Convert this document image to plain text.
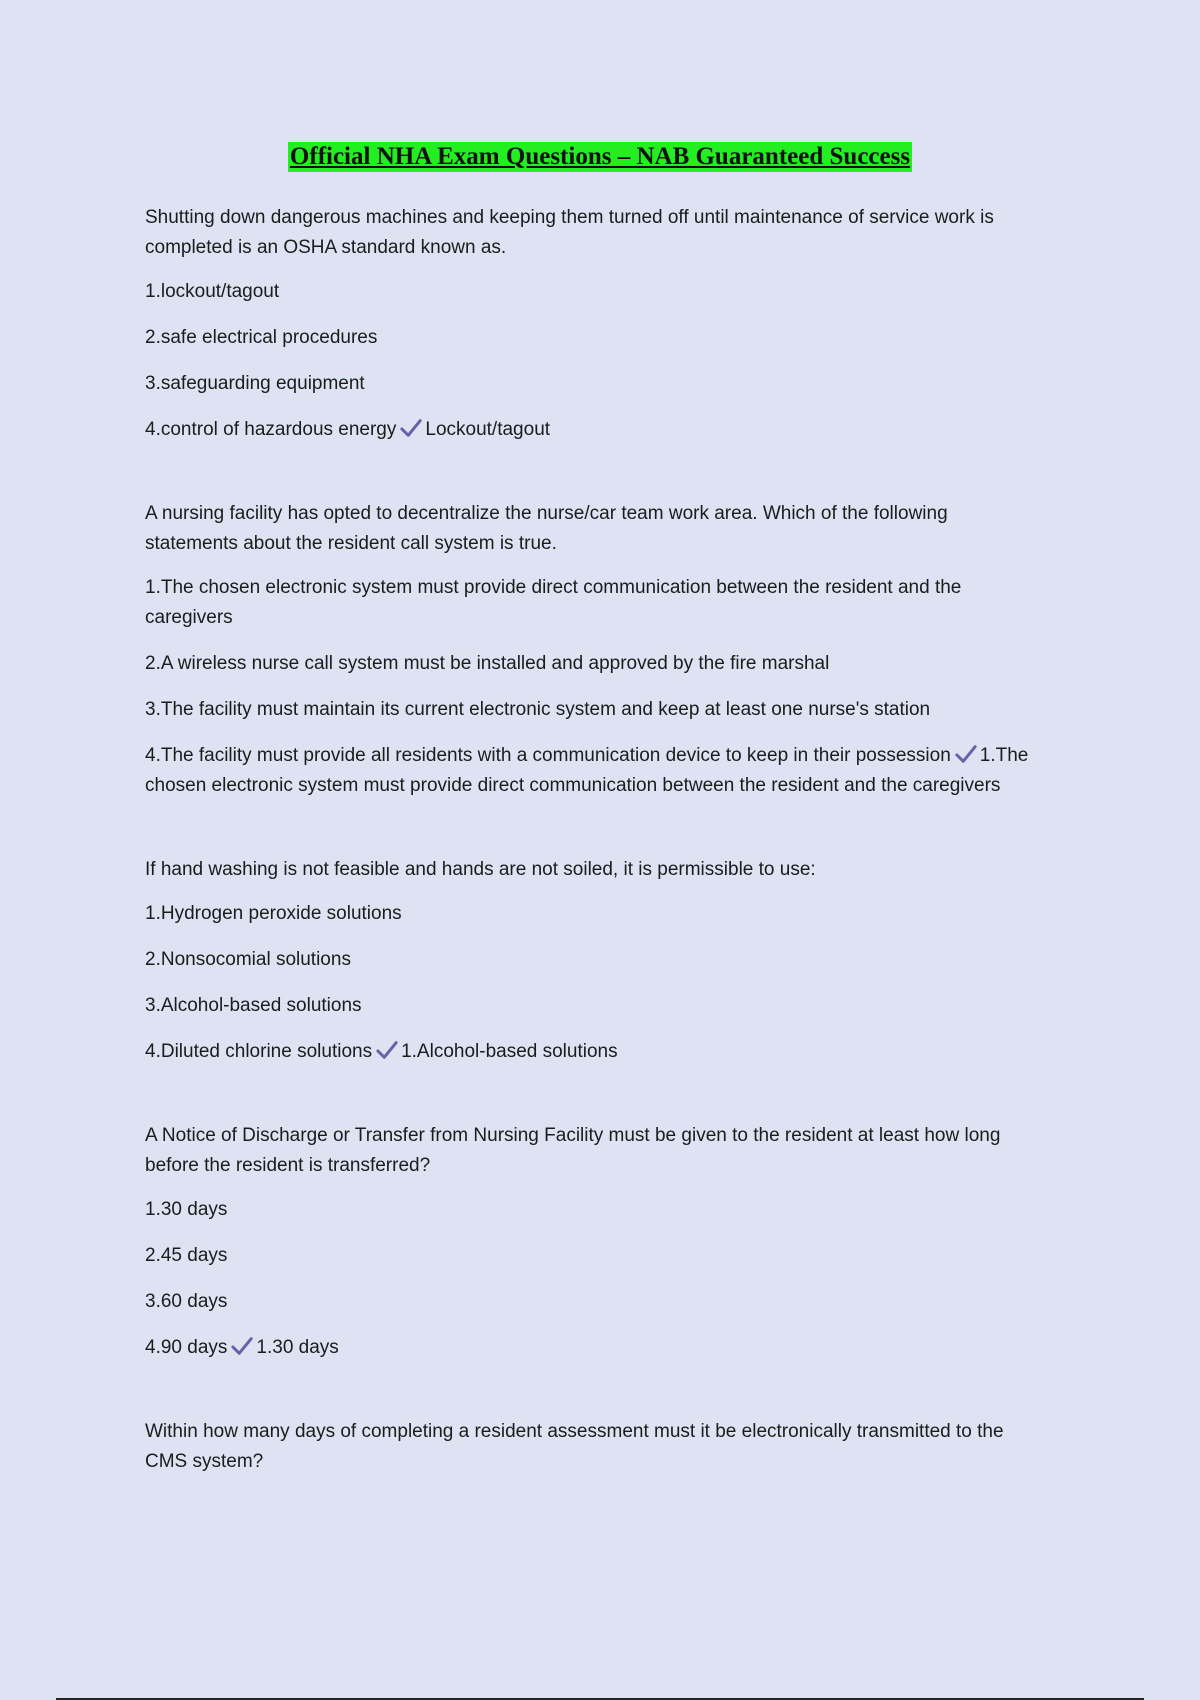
Official NHA Exam Questions – NAB Guaranteed Success

Shutting down dangerous machines and keeping them turned off until maintenance of service work is completed is an OSHA standard known as.

1.lockout/tagout

2.safe electrical procedures

3.safeguarding equipment

4.control of hazardous energy Lockout/tagout

A nursing facility has opted to decentralize the nurse/car team work area. Which of the following statements about the resident call system is true.

1.The chosen electronic system must provide direct communication between the resident and the caregivers

2.A wireless nurse call system must be installed and approved by the fire marshal

3.The facility must maintain its current electronic system and keep at least one nurse's station

4.The facility must provide all residents with a communication device to keep in their possession 1.The chosen electronic system must provide direct communication between the resident and the caregivers

If hand washing is not feasible and hands are not soiled, it is permissible to use:

1.Hydrogen peroxide solutions

2.Nonsocomial solutions

3.Alcohol-based solutions

4.Diluted chlorine solutions 1.Alcohol-based solutions

A Notice of Discharge or Transfer from Nursing Facility must be given to the resident at least how long before the resident is transferred?

1.30 days

2.45 days

3.60 days

4.90 days 1.30 days

Within how many days of completing a resident assessment must it be electronically transmitted to the CMS system?
